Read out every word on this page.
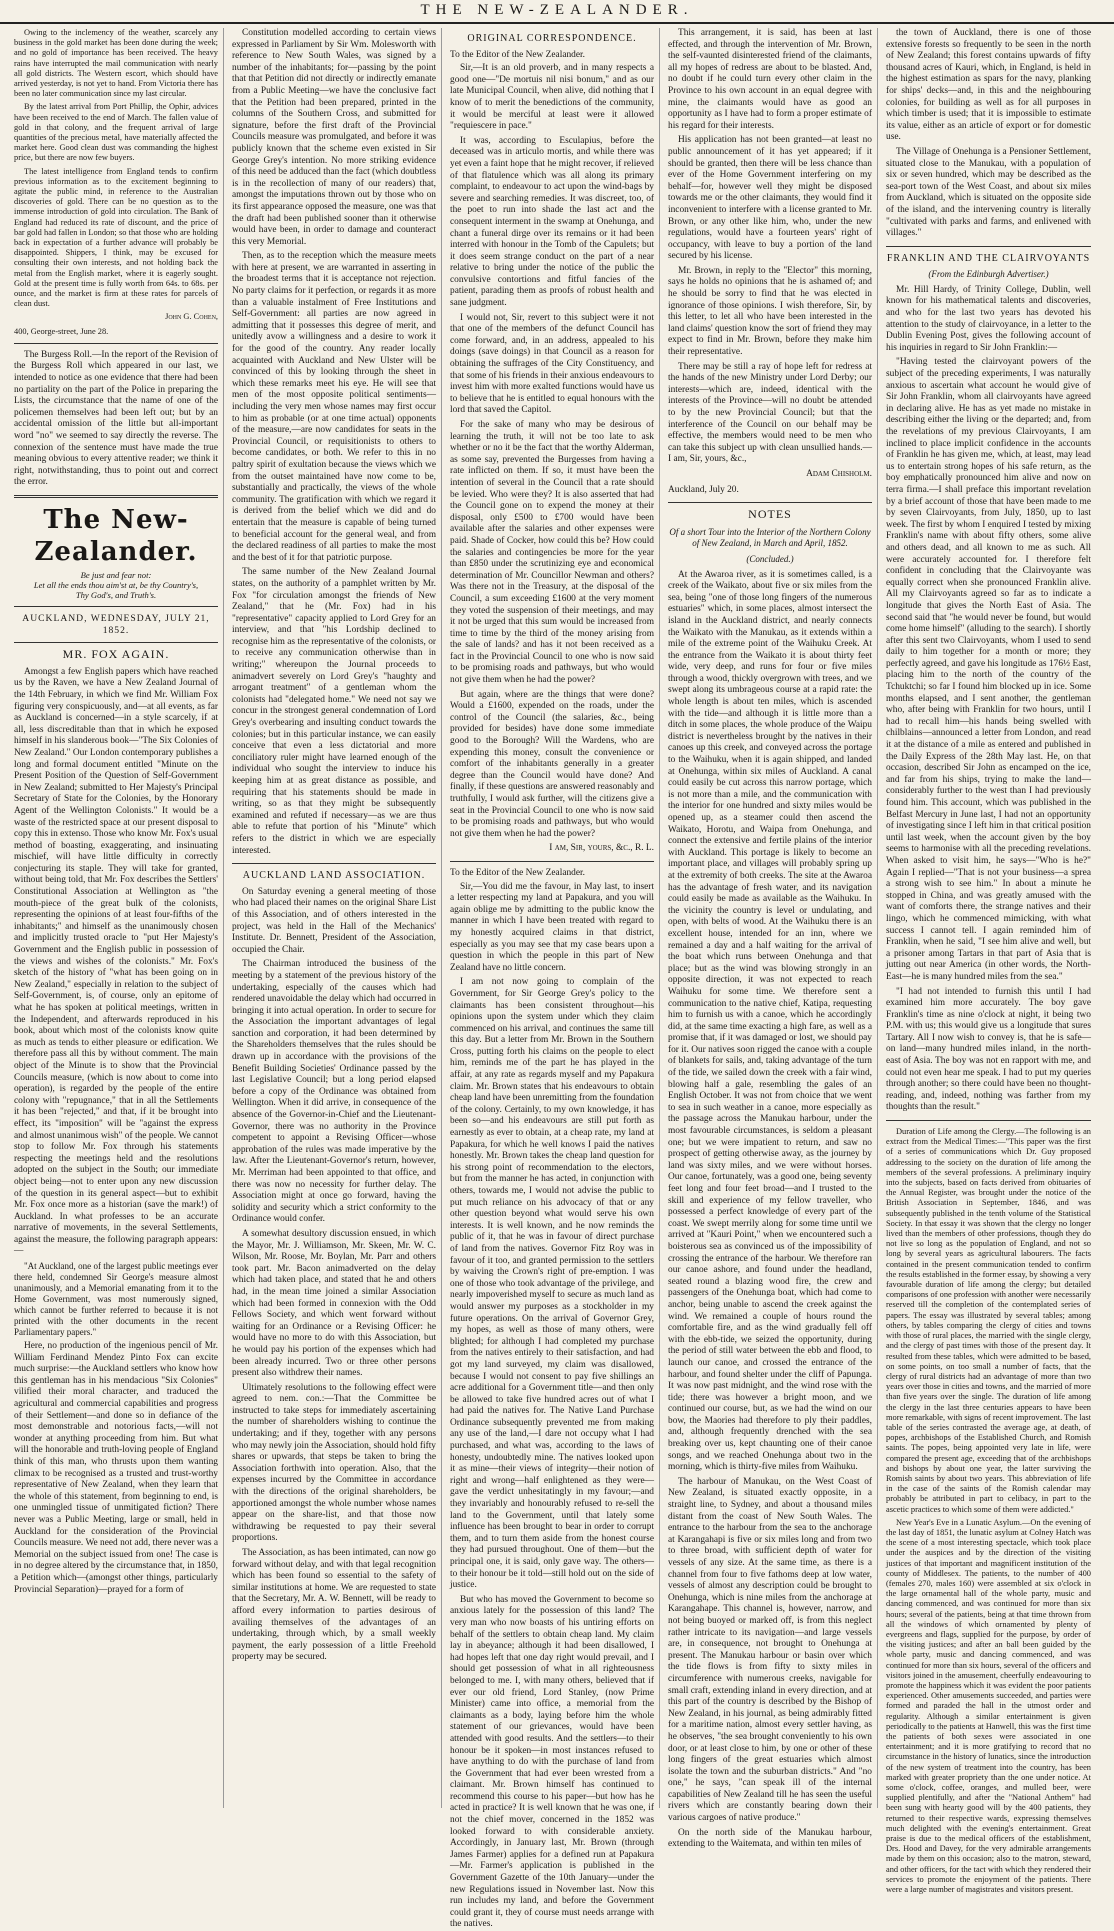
THE NEW-ZEALANDER.

Owing to the inclemency of the weather, scarcely any business in the gold market has been done during the week; and no gold of importance has been received. The heavy rains have interrupted the mail communication with nearly all gold districts. The Western escort, which should have arrived yesterday, is not yet to hand. From Victoria there has been no later communication since my last circular.

By the latest arrival from Port Phillip, the Ophir, advices have been received to the end of March. The fallen value of gold in that colony, and the frequent arrival of large quantities of the precious metal, have materially affected the market here. Good clean dust was commanding the highest price, but there are now few buyers.

The latest intelligence from England tends to confirm previous information as to the excitement beginning to agitate the public mind, in reference to the Australian discoveries of gold. There can be no question as to the immense introduction of gold into circulation. The Bank of England had reduced its rate of discount, and the price of bar gold had fallen in London; so that those who are holding back in expectation of a further advance will probably be disappointed. Shippers, I think, may be excused for consulting their own interests, and not holding back the metal from the English market, where it is eagerly sought. Gold at the present time is fully worth from 64s. to 68s. per ounce, and the market is firm at these rates for parcels of clean dust.

John G. Cohen,
400, George-street, June 28.

The Burgess Roll.—In the report of the Revision of the Burgess Roll which appeared in our last, we intended to notice as one evidence that there had been no partiality on the part of the Police in preparing the Lists, the circumstance that the name of one of the policemen themselves had been left out; but by an accidental omission of the little but all-important word "no" we seemed to say directly the reverse. The connexion of the sentence must have made the true meaning obvious to every attentive reader; we think it right, notwithstanding, thus to point out and correct the error.

The New-Zealander.
Be just and fear not:
Let all the ends thou aim'st at, be thy Country's,
Thy God's, and Truth's.
AUCKLAND, WEDNESDAY, JULY 21, 1852.
MR. FOX AGAIN.

Amongst a few English papers which have reached us by the Raven, we have a New Zealand Journal of the 14th February, in which we find Mr. William Fox figuring very conspicuously, and—at all events, as far as Auckland is concerned—in a style scarcely, if at all, less discreditable than that in which he exposed himself in his slanderous book—"The Six Colonies of New Zealand." Our London contemporary publishes a long and formal document entitled "Minute on the Present Position of the Question of Self-Government in New Zealand; submitted to Her Majesty's Principal Secretary of State for the Colonies, by the Honorary Agent of the Wellington Colonists." It would be a waste of the restricted space at our present disposal to copy this in extenso. Those who know Mr. Fox's usual method of boasting, exaggerating, and insinuating mischief, will have little difficulty in correctly conjecturing its staple. They will take for granted, without being told, that Mr. Fox describes the Settlers' Constitutional Association at Wellington as "the mouth-piece of the great bulk of the colonists, representing the opinions of at least four-fifths of the inhabitants;" and himself as the unanimously chosen and implicitly trusted oracle to "put Her Majesty's Government and the English public in possession of the views and wishes of the colonists." Mr. Fox's sketch of the history of "what has been going on in New Zealand," especially in relation to the subject of Self-Government, is, of course, only an epitome of what he has spoken at political meetings, written in the Independent, and afterwards reproduced in his book, about which most of the colonists know quite as much as tends to either pleasure or edification. We therefore pass all this by without comment. The main object of the Minute is to show that the Provincial Councils measure, (which is now about to come into operation), is regarded by the people of the entire colony with "repugnance," that in all the Settlements it has been "rejected," and that, if it be brought into effect, its "imposition" will be "against the express and almost unanimous wish" of the people. We cannot stop to follow Mr. Fox through his statements respecting the meetings held and the resolutions adopted on the subject in the South; our immediate object being—not to enter upon any new discussion of the question in its general aspect—but to exhibit Mr. Fox once more as a historian (save the mark!) of Auckland. In what professes to be an accurate narrative of movements, in the several Settlements, against the measure, the following paragraph appears:—

"At Auckland, one of the largest public meetings ever there held, condemned Sir George's measure almost unanimously, and a Memorial emanating from it to the Home Government, was most numerously signed, which cannot be further referred to because it is not printed with the other documents in the recent Parliamentary papers."

Here, no production of the ingenious pencil of Mr. William Ferdinand Mendez Pinto Fox can excite much surprise:—the Auckland settlers who know how this gentleman has in his mendacious "Six Colonies" vilified their moral character, and traduced the agricultural and commercial capabilities and progress of their Settlement—and done so in defiance of the most demonstrable and notorious facts,—will not wonder at anything proceeding from him. But what will the honorable and truth-loving people of England think of this man, who thrusts upon them wanting climax to be recognised as a trusted and trust-worthy representative of New Zealand, when they learn that the whole of this statement, from beginning to end, is one unmingled tissue of unmitigated fiction? There never was a Public Meeting, large or small, held in Auckland for the consideration of the Provincial Councils measure. We need not add, there never was a Memorial on the subject issued from one! The case is in no degree altered by the circumstance that, in 1850, a Petition which—(amongst other things, particularly Provincial Separation)—prayed for a form of

Constitution modelled according to certain views expressed in Parliament by Sir Wm. Molesworth with reference to New South Wales, was signed by a number of the inhabitants; for—passing by the point that that Petition did not directly or indirectly emanate from a Public Meeting—we have the conclusive fact that the Petition had been prepared, printed in the columns of the Southern Cross, and submitted for signature, before the first draft of the Provincial Councils measure was promulgated, and before it was publicly known that the scheme even existed in Sir George Grey's intention. No more striking evidence of this need be adduced than the fact (which doubtless is in the recollection of many of our readers) that, amongst the imputations thrown out by those who on its first appearance opposed the measure, one was that the draft had been published sooner than it otherwise would have been, in order to damage and counteract this very Memorial.

Then, as to the reception which the measure meets with here at present, we are warranted in asserting in the broadest terms that it is acceptance not rejection. No party claims for it perfection, or regards it as more than a valuable instalment of Free Institutions and Self-Government: all parties are now agreed in admitting that it possesses this degree of merit, and unitedly avow a willingness and a desire to work it for the good of the country. Any reader locally acquainted with Auckland and New Ulster will be convinced of this by looking through the sheet in which these remarks meet his eye. He will see that men of the most opposite political sentiments—including the very men whose names may first occur to him as probable (or at one time actual) opponents of the measure,—are now candidates for seats in the Provincial Council, or requisitionists to others to become candidates, or both. We refer to this in no paltry spirit of exultation because the views which we from the outset maintained have now come to be, substantially and practically, the views of the whole community. The gratification with which we regard it is derived from the belief which we did and do entertain that the measure is capable of being turned to beneficial account for the general weal, and from the declared readiness of all parties to make the most and the best of it for that patriotic purpose.

The same number of the New Zealand Journal states, on the authority of a pamphlet written by Mr. Fox "for circulation amongst the friends of New Zealand," that he (Mr. Fox) had in his "representative" capacity applied to Lord Grey for an interview, and that "his Lordship declined to recognise him as the representative of the colonists, or to receive any communication otherwise than in writing;" whereupon the Journal proceeds to animadvert severely on Lord Grey's "haughty and arrogant treatment" of a gentleman whom the colonists had "delegated home." We need not say we concur in the strongest general condemnation of Lord Grey's overbearing and insulting conduct towards the colonies; but in this particular instance, we can easily conceive that even a less dictatorial and more conciliatory ruler might have learned enough of the individual who sought the interview to induce his keeping him at as great distance as possible, and requiring that his statements should be made in writing, so as that they might be subsequently examined and refuted if necessary—as we are thus able to refute that portion of his "Minute" which refers to the district in which we are especially interested.

AUCKLAND LAND ASSOCIATION.

On Saturday evening a general meeting of those who had placed their names on the original Share List of this Association, and of others interested in the project, was held in the Hall of the Mechanics' Institute. Dr. Bennett, President of the Association, occupied the Chair.

The Chairman introduced the business of the meeting by a statement of the previous history of the undertaking, especially of the causes which had rendered unavoidable the delay which had occurred in bringing it into actual operation. In order to secure for the Association the important advantages of legal sanction and corporation, it had been determined by the Shareholders themselves that the rules should be drawn up in accordance with the provisions of the Benefit Building Societies' Ordinance passed by the last Legislative Council; but a long period elapsed before a copy of the Ordinance was obtained from Wellington. When it did arrive, in consequence of the absence of the Governor-in-Chief and the Lieutenant-Governor, there was no authority in the Province competent to appoint a Revising Officer—whose approbation of the rules was made imperative by the law. After the Lieutenant-Governor's return, however, Mr. Merriman had been appointed to that office, and there was now no necessity for further delay. The Association might at once go forward, having the solidity and security which a strict conformity to the Ordinance would confer.

A somewhat desultory discussion ensued, in which the Mayor, Mr. J. Williamson, Mr. Skeen, Mr. W. C. Wilson, Mr. Roose, Mr. Boylan, Mr. Parr and others took part. Mr. Bacon animadverted on the delay which had taken place, and stated that he and others had, in the mean time joined a similar Association which had been formed in connexion with the Odd Fellows Society, and which went forward without waiting for an Ordinance or a Revising Officer: he would have no more to do with this Association, but he would pay his portion of the expenses which had been already incurred. Two or three other persons present also withdrew their names.

Ultimately resolutions to the following effect were agreed to nem. con.:—That the Committee be instructed to take steps for immediately ascertaining the number of shareholders wishing to continue the undertaking; and if they, together with any persons who may newly join the Association, should hold fifty shares or upwards, that steps be taken to bring the Association forthwith into operation. Also, that the expenses incurred by the Committee in accordance with the directions of the original shareholders, be apportioned amongst the whole number whose names appear on the share-list, and that those now withdrawing be requested to pay their several proportions.

The Association, as has been intimated, can now go forward without delay, and with that legal recognition which has been found so essential to the safety of similar institutions at home. We are requested to state that the Secretary, Mr. A. W. Bennett, will be ready to afford every information to parties desirous of availing themselves of the advantages of an undertaking, through which, by a small weekly payment, the early possession of a little Freehold property may be secured.

ORIGINAL CORRESPONDENCE.

To the Editor of the New Zealander.

Sir,—It is an old proverb, and in many respects a good one—"De mortuis nil nisi bonum," and as our late Municipal Council, when alive, did nothing that I know of to merit the benedictions of the community, it would be merciful at least were it allowed "requiescere in pace."

It was, according to Esculapius, before the deceased was in articulo mortis, and while there was yet even a faint hope that he might recover, if relieved of that flatulence which was all along its primary complaint, to endeavour to act upon the wind-bags by severe and searching remedies. It was discreet, too, of the poet to run into shade the last act and the consequent interment in the swamp at Onehunga, and chant a funeral dirge over its remains or it had been interred with honour in the Tomb of the Capulets; but it does seem strange conduct on the part of a near relative to bring under the notice of the public the convulsive contortions and fitful fancies of the patient, parading them as proofs of robust health and sane judgment.

I would not, Sir, revert to this subject were it not that one of the members of the defunct Council has come forward, and, in an address, appealed to his doings (save doings) in that Council as a reason for obtaining the suffrages of the City Constituency, and that some of his friends in their anxious endeavours to invest him with more exalted functions would have us to believe that he is entitled to equal honours with the lord that saved the Capitol.

For the sake of many who may be desirous of learning the truth, it will not be too late to ask whether or no it be the fact that the worthy Alderman, as some say, prevented the Burgesses from having a rate inflicted on them. If so, it must have been the intention of several in the Council that a rate should be levied. Who were they? It is also asserted that had the Council gone on to expend the money at their disposal, only £500 to £700 would have been available after the salaries and other expenses were paid. Shade of Cocker, how could this be? How could the salaries and contingencies be more for the year than £850 under the scrutinizing eye and economical determination of Mr. Councillor Newman and others? Was there not in the Treasury, at the disposal of the Council, a sum exceeding £1600 at the very moment they voted the suspension of their meetings, and may it not be urged that this sum would be increased from time to time by the third of the money arising from the sale of lands? and has it not been received as a fact in the Provincial Council to one who is now said to be promising roads and pathways, but who would not give them when he had the power?

But again, where are the things that were done? Would a £1600, expended on the roads, under the control of the Council (the salaries, &c., being provided for besides) have done some immediate good to the Borough? Will the Wardens, who are expending this money, consult the convenience or comfort of the inhabitants generally in a greater degree than the Council would have done? And finally, if these questions are answered reasonably and truthfully, I would ask further, will the citizens give a seat in the Provincial Council to one who is now said to be promising roads and pathways, but who would not give them when he had the power?

I am, Sir, yours, &c., R. L.

To the Editor of the New Zealander.

Sir,—You did me the favour, in May last, to insert a letter respecting my land at Papakura, and you will again oblige me by admitting to the public know the manner in which I have been treated with regard to my honestly acquired claims in that district, especially as you may see that my case bears upon a question in which the people in this part of New Zealand have no little concern.

I am not now going to complain of the Government, for Sir George Grey's policy to the claimants has been consistent throughout—his opinions upon the system under which they claim commenced on his arrival, and continues the same till this day. But a letter from Mr. Brown in the Southern Cross, putting forth his claims on the people to elect him, reminds me of the part he has played in the affair, at any rate as regards myself and my Papakura claim. Mr. Brown states that his endeavours to obtain cheap land have been unremitting from the foundation of the colony. Certainly, to my own knowledge, it has been so—and his endeavours are still put forth as earnestly as ever to obtain, at a cheap rate, my land at Papakura, for which he well knows I paid the natives honestly. Mr. Brown takes the cheap land question for his strong point of recommendation to the electors, but from the manner he has acted, in conjunction with others, towards me, I would not advise the public to put much reliance on his advocacy of that or any other question beyond what would serve his own interests. It is well known, and he now reminds the public of it, that he was in favour of direct purchase of land from the natives. Governor Fitz Roy was in favour of it too, and granted permission to the settlers by waiving the Crown's right of pre-emption. I was one of those who took advantage of the privilege, and nearly impoverished myself to secure as much land as would answer my purposes as a stockholder in my future operations. On the arrival of Governor Grey, my hopes, as well as those of many others, were blighted; for although I had completed my purchase from the natives entirely to their satisfaction, and had got my land surveyed, my claim was disallowed, because I would not consent to pay five shillings an acre additional for a Government title—and then only be allowed to take five hundred acres out of what I had paid the natives for. The Native Land Purchase Ordinance subsequently prevented me from making any use of the land,—I dare not occupy what I had purchased, and what was, according to the laws of honesty, undoubtedly mine. The natives looked upon it as mine—their views of integrity—their notion of right and wrong—half enlightened as they were—gave the verdict unhesitatingly in my favour;—and they invariably and honourably refused to re-sell the land to the Government, until that lately some influence has been brought to bear in order to corrupt them, and to turn them aside from the honest course they had pursued throughout. One of them—but the principal one, it is said, only gave way. The others—to their honour be it told—still hold out on the side of justice.

But who has moved the Government to become so anxious lately for the possession of this land? The very man who now boasts of his untiring efforts on behalf of the settlers to obtain cheap land. My claim lay in abeyance; although it had been disallowed, I had hopes left that one day right would prevail, and I should get possession of what in all righteousness belonged to me. I, with many others, believed that if ever our old friend, Lord Stanley, (now Prime Minister) came into office, a memorial from the claimants as a body, laying before him the whole statement of our grievances, would have been attended with good results. And the settlers—to their honour be it spoken—in most instances refused to have anything to do with the purchase of land from the Government that had ever been wrested from a claimant. Mr. Brown himself has continued to recommend this course to his paper—but how has he acted in practice? It is well known that he was one, if not the chief mover, concerned in the 1852 was looked forward to with considerable anxiety. Accordingly, in January last, Mr. Brown (through James Farmer) applies for a defined run at Papakura—Mr. Farmer's application is published in the Government Gazette of the 10th January—under the new Regulations issued in November last. Now this run includes my land, and before the Government could grant it, they of course must needs arrange with the natives.

This arrangement, it is said, has been at last effected, and through the intervention of Mr. Brown, the self-vaunted disinterested friend of the claimants, all my hopes of redress are about to be blasted. And, no doubt if he could turn every other claim in the Province to his own account in an equal degree with mine, the claimants would have as good an opportunity as I have had to form a proper estimate of his regard for their interests.

His application has not been granted—at least no public announcement of it has yet appeared; if it should be granted, then there will be less chance than ever of the Home Government interfering on my behalf—for, however well they might be disposed towards me or the other claimants, they would find it inconvenient to interfere with a license granted to Mr. Brown, or any other like him, who, under the new regulations, would have a fourteen years' right of occupancy, with leave to buy a portion of the land secured by his license.

Mr. Brown, in reply to the "Elector" this morning, says he holds no opinions that he is ashamed of; and he should be sorry to find that he was elected in ignorance of those opinions. I wish therefore, Sir, by this letter, to let all who have been interested in the land claims' question know the sort of friend they may expect to find in Mr. Brown, before they make him their representative.

There may be still a ray of hope left for redress at the hands of the new Ministry under Lord Derby; our interests—which are, indeed, identical with the interests of the Province—will no doubt be attended to by the new Provincial Council; but that the interference of the Council on our behalf may be effective, the members would need to be men who can take this subject up with clean unsullied hands.—I am, Sir, yours, &c.,

Adam Chisholm.
Auckland, July 20.
NOTES
Of a short Tour into the Interior of the Northern Colony of New Zealand, in March and April, 1852.
(Concluded.)

At the Awaroa river, as it is sometimes called, is a creek of the Waikato, about five or six miles from the sea, being "one of those long fingers of the numerous estuaries" which, in some places, almost intersect the island in the Auckland district, and nearly connects the Waikato with the Manukau, as it extends within a mile of the extreme point of the Waihuku Creek. At the entrance from the Waikato it is about thirty feet wide, very deep, and runs for four or five miles through a wood, thickly overgrown with trees, and we swept along its umbrageous course at a rapid rate: the whole length is about ten miles, which is ascended with the tide—and although it is little more than a ditch in some places, the whole produce of the Waipu district is nevertheless brought by the natives in their canoes up this creek, and conveyed across the portage to the Waihuku, when it is again shipped, and landed at Onehunga, within six miles of Auckland. A canal could easily be cut across this narrow portage, which is not more than a mile, and the communication with the interior for one hundred and sixty miles would be opened up, as a steamer could then ascend the Waikato, Horotu, and Waipa from Onehunga, and connect the extensive and fertile plains of the interior with Auckland. This portage is likely to become an important place, and villages will probably spring up at the extremity of both creeks. The site at the Awaroa has the advantage of fresh water, and its navigation could easily be made as available as the Waihuku. In the vicinity the country is level or undulating, and open, with belts of wood. At the Waihuku there is an excellent house, intended for an inn, where we remained a day and a half waiting for the arrival of the boat which runs between Onehunga and that place; but as the wind was blowing strongly in an opposite direction, it was not expected to reach Waihuku for some time. We therefore sent a communication to the native chief, Katipa, requesting him to furnish us with a canoe, which he accordingly did, at the same time exacting a high fare, as well as a promise that, if it was damaged or lost, we should pay for it. Our natives soon rigged the canoe with a couple of blankets for sails, and, taking advantage of the turn of the tide, we sailed down the creek with a fair wind, blowing half a gale, resembling the gales of an English October. It was not from choice that we went to sea in such weather in a canoe, more especially as the passage across the Manukau harbour, under the most favourable circumstances, is seldom a pleasant one; but we were impatient to return, and saw no prospect of getting otherwise away, as the journey by land was sixty miles, and we were without horses. Our canoe, fortunately, was a good one, being seventy feet long and four feet broad—and I trusted to the skill and experience of my fellow traveller, who possessed a perfect knowledge of every part of the coast. We swept merrily along for some time until we arrived at "Kauri Point," when we encountered such a boisterous sea as convinced us of the impossibility of crossing the entrance of the harbour. We therefore ran our canoe ashore, and found under the headland, seated round a blazing wood fire, the crew and passengers of the Onehunga boat, which had come to anchor, being unable to ascend the creek against the wind. We remained a couple of hours round the comfortable fire, and as the wind gradually fell off with the ebb-tide, we seized the opportunity, during the period of still water between the ebb and flood, to launch our canoe, and crossed the entrance of the harbour, and found shelter under the cliff of Papunga. It was now past midnight, and the wind rose with the tide; there was however a bright moon, and we continued our course, but, as we had the wind on our bow, the Maories had therefore to ply their paddles, and, although frequently drenched with the sea breaking over us, kept chaunting one of their canoe songs, and we reached Onehunga about two in the morning, which is thirty-five miles from Waihuku.

The harbour of Manukau, on the West Coast of New Zealand, is situated exactly opposite, in a straight line, to Sydney, and about a thousand miles distant from the coast of New South Wales. The entrance to the harbour from the sea to the anchorage at Karangahapi is five or six miles long and from two to three broad, with sufficient depth of water for vessels of any size. At the same time, as there is a channel from four to five fathoms deep at low water, vessels of almost any description could be brought to Onehunga, which is nine miles from the anchorage at Karangahape. This channel is, however, narrow, and not being buoyed or marked off, is from this neglect rather intricate to its navigation—and large vessels are, in consequence, not brought to Onehunga at present. The Manukau harbour or basin over which the tide flows is from fifty to sixty miles in circumference with numerous creeks, navigable for small craft, extending inland in every direction, and at this part of the country is described by the Bishop of New Zealand, in his journal, as being admirably fitted for a maritime nation, almost every settler having, as he observes, "the sea brought conveniently to his own door, or at least close to him, by one or other of these long fingers of the great estuaries which almost isolate the town and the suburban districts." And "no one," he says, "can speak ill of the internal capabilities of New Zealand till he has seen the useful rivers which are constantly bearing down their various cargoes of native produce."

On the north side of the Manukau harbour, extending to the Waitemata, and within ten miles of

the town of Auckland, there is one of those extensive forests so frequently to be seen in the north of New Zealand; this forest contains upwards of fifty thousand acres of Kauri, which, in England, is held in the highest estimation as spars for the navy, planking for ships' decks—and, in this and the neighbouring colonies, for building as well as for all purposes in which timber is used; that it is impossible to estimate its value, either as an article of export or for domestic use.

The Village of Onehunga is a Pensioner Settlement, situated close to the Manukau, with a population of six or seven hundred, which may be described as the sea-port town of the West Coast, and about six miles from Auckland, which is situated on the opposite side of the island, and the intervening country is literally "cultivated with parks and farms, and enlivened with villages."

FRANKLIN AND THE CLAIRVOYANTS
(From the Edinburgh Advertiser.)

Mr. Hill Hardy, of Trinity College, Dublin, well known for his mathematical talents and discoveries, and who for the last two years has devoted his attention to the study of clairvoyance, in a letter to the Dublin Evening Post, gives the following account of his inquiries in regard to Sir John Franklin:—

"Having tested the clairvoyant powers of the subject of the preceding experiments, I was naturally anxious to ascertain what account he would give of Sir John Franklin, whom all clairvoyants have agreed in declaring alive. He has as yet made no mistake in describing either the living or the departed; and, from the revelations of my previous Clairvoyants, I am inclined to place implicit confidence in the accounts of Franklin he has given me, which, at least, may lead us to entertain strong hopes of his safe return, as the boy emphatically pronounced him alive and now on terra firma.—I shall preface this important revelation by a brief account of those that have been made to me by seven Clairvoyants, from July, 1850, up to last week. The first by whom I enquired I tested by mixing Franklin's name with about fifty others, some alive and others dead, and all known to me as such. All were accurately accounted for. I therefore felt confident in concluding that the Clairvoyante was equally correct when she pronounced Franklin alive. All my Clairvoyants agreed so far as to indicate a longitude that gives the North East of Asia. The second said that "he would never be found, but would come home himself" (alluding to the search). I shortly after this sent two Clairvoyants, whom I used to send daily to him together for a month or more; they perfectly agreed, and gave his longitude as 176½ East, placing him to the north of the country of the Tchuktchi; so far I found him blocked up in ice. Some months elapsed, and I sent another, the gentleman who, after being with Franklin for two hours, until I had to recall him—his hands being swelled with chilblains—announced a letter from London, and read it at the distance of a mile as entered and published in the Daily Express of the 28th May last. He, on that occasion, described Sir John as encamped on the ice, and far from his ships, trying to make the land—considerably further to the west than I had previously found him. This account, which was published in the Belfast Mercury in June last, I had not an opportunity of investigating since I left him in that critical position until last week, when the account given by the boy seems to harmonise with all the preceding revelations. When asked to visit him, he says—"Who is he?" Again I replied—"That is not your business—a sprea a strong wish to see him." In about a minute he stopped in China, and was greatly amused with the want of comforts there, the strange natives and their lingo, which he commenced mimicking, with what success I cannot tell. I again reminded him of Franklin, when he said, "I see him alive and well, but a prisoner among Tartars in that part of Asia that is jutting out near America (in other words, the North-East—he is many hundred miles from the sea."

"I had not intended to furnish this until I had examined him more accurately. The boy gave Franklin's time as nine o'clock at night, it being two P.M. with us; this would give us a longitude that sures Tartary. All I now wish to convey is, that he is safe—on land—many hundred miles inland, in the north-east of Asia. The boy was not en rapport with me, and could not even hear me speak. I had to put my queries through another; so there could have been no thought-reading, and, indeed, nothing was farther from my thoughts than the result."

Duration of Life among the Clergy.—The following is an extract from the Medical Times:—"This paper was the first of a series of communications which Dr. Guy proposed addressing to the society on the duration of life among the members of the several professions. A preliminary inquiry into the subjects, based on facts derived from obituaries of the Annual Register, was brought under the notice of the British Association in September, 1846, and was subsequently published in the tenth volume of the Statistical Society. In that essay it was shown that the clergy no longer lived than the members of other professions, though they do not live so long as the population of England, and not so long by several years as agricultural labourers. The facts contained in the present communication tended to confirm the results established in the former essay, by showing a very favourable duration of life among the clergy; but detailed comparisons of one profession with another were necessarily reserved till the completion of the contemplated series of papers. The essay was illustrated by several tables; among others, by tables comparing the clergy of cities and towns with those of rural places, the married with the single clergy, and the clergy of past times with those of the present day. It resulted from these tables, which were admitted to be based, on some points, on too small a number of facts, that the clergy of rural districts had an advantage of more than two years over those in cities and towns, and the married of more than five years over the single. The duration of life among the clergy in the last three centuries appears to have been more remarkable, with signs of recent improvement. The last table of the series contrasted the average age, at death, of popes, archbishops of the Established Church, and Romish saints. The popes, being appointed very late in life, were compared the present age, exceeding that of the archbishops and bishops by about one year, the latter surviving the Romish saints by about two years. This abbreviation of life in the case of the saints of the Romish calendar may probably be attributed in part to celibacy, in part to the ascetic practices to which some of them were addicted."

New Year's Eve in a Lunatic Asylum.—On the evening of the last day of 1851, the lunatic asylum at Colney Hatch was the scene of a most interesting spectacle, which took place under the auspices and by the direction of the visiting justices of that important and magnificent institution of the county of Middlesex. The patients, to the number of 400 (females 270, males 160) were assembled at six o'clock in the large ornamental hall of the whole party, music and dancing commenced, and was continued for more than six hours; several of the patients, being at that time thrown from all the windows of which ornamented by plenty of evergreens and flags, supplied for the purpose, by order of the visiting justices; and after an ball been guided by the whole party, music and dancing commenced, and was continued for more than six hours, several of the officers and visitors joined in the amusement, cheerfully endeavouring to promote the happiness which it was evident the poor patients experienced. Other amusements succeeded, and parties were formed and paraded the hall in the utmost order and regularity. Although a similar entertainment is given periodically to the patients at Hanwell, this was the first time the patients of both sexes were associated in one entertainment; and it is more gratifying to record that no circumstance in the history of lunatics, since the introduction of the new system of treatment into the country, has been marked with greater propriety than the one under notice. At some o'clock, coffee, oranges, and mulled beer, were supplied plentifully, and after the "National Anthem" had been sung with hearty good will by the 400 patients, they returned to their respective wards, expressing themselves much delighted with the evening's entertainment. Great praise is due to the medical officers of the establishment, Drs. Hood and Davey, for the very admirable arrangements made by them on this occasion; also to the matron, steward, and other officers, for the tact with which they rendered their services to promote the enjoyment of the patients. There were a large number of magistrates and visitors present.
